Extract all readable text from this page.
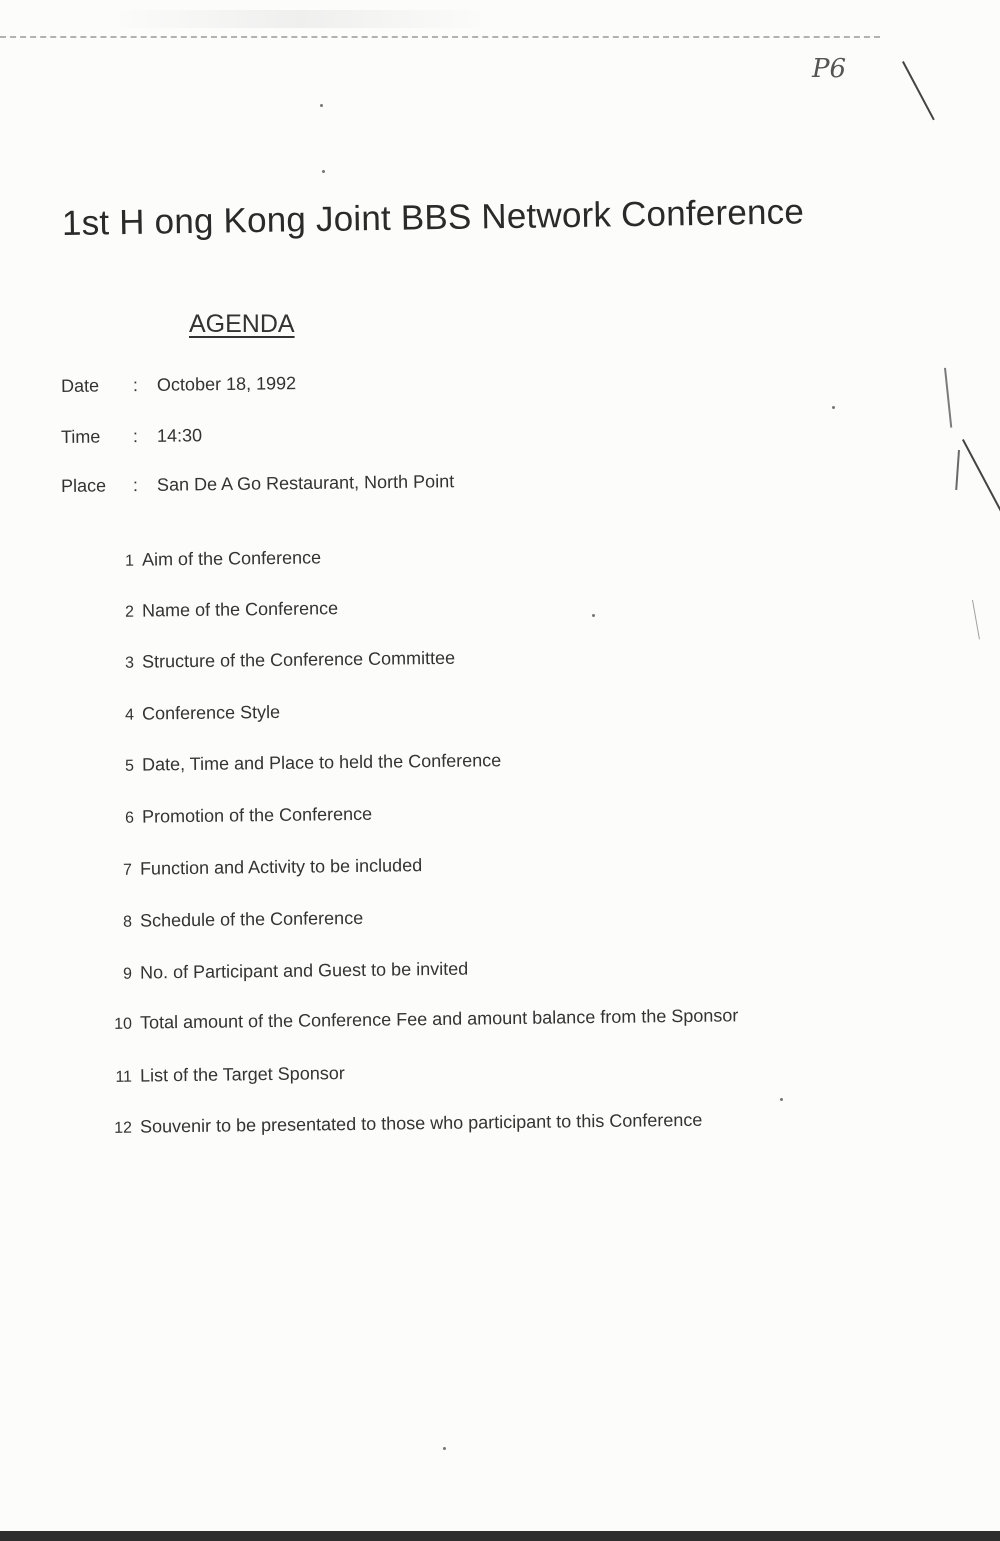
P6
1st H ong Kong Joint BBS Network Conference
AGENDA
Date : October 18, 1992
Time : 14:30
Place : San De A Go Restaurant, North Point
1 Aim of the Conference
2 Name of the Conference
3 Structure of the Conference Committee
4 Conference Style
5 Date, Time and Place to held the Conference
6 Promotion of the Conference
7 Function and Activity to be included
8 Schedule of the Conference
9 No. of Participant and Guest to be invited
10 Total amount of the Conference Fee and amount balance from the Sponsor
11 List of the Target Sponsor
12 Souvenir to be presentated to those who participant to this Conference
